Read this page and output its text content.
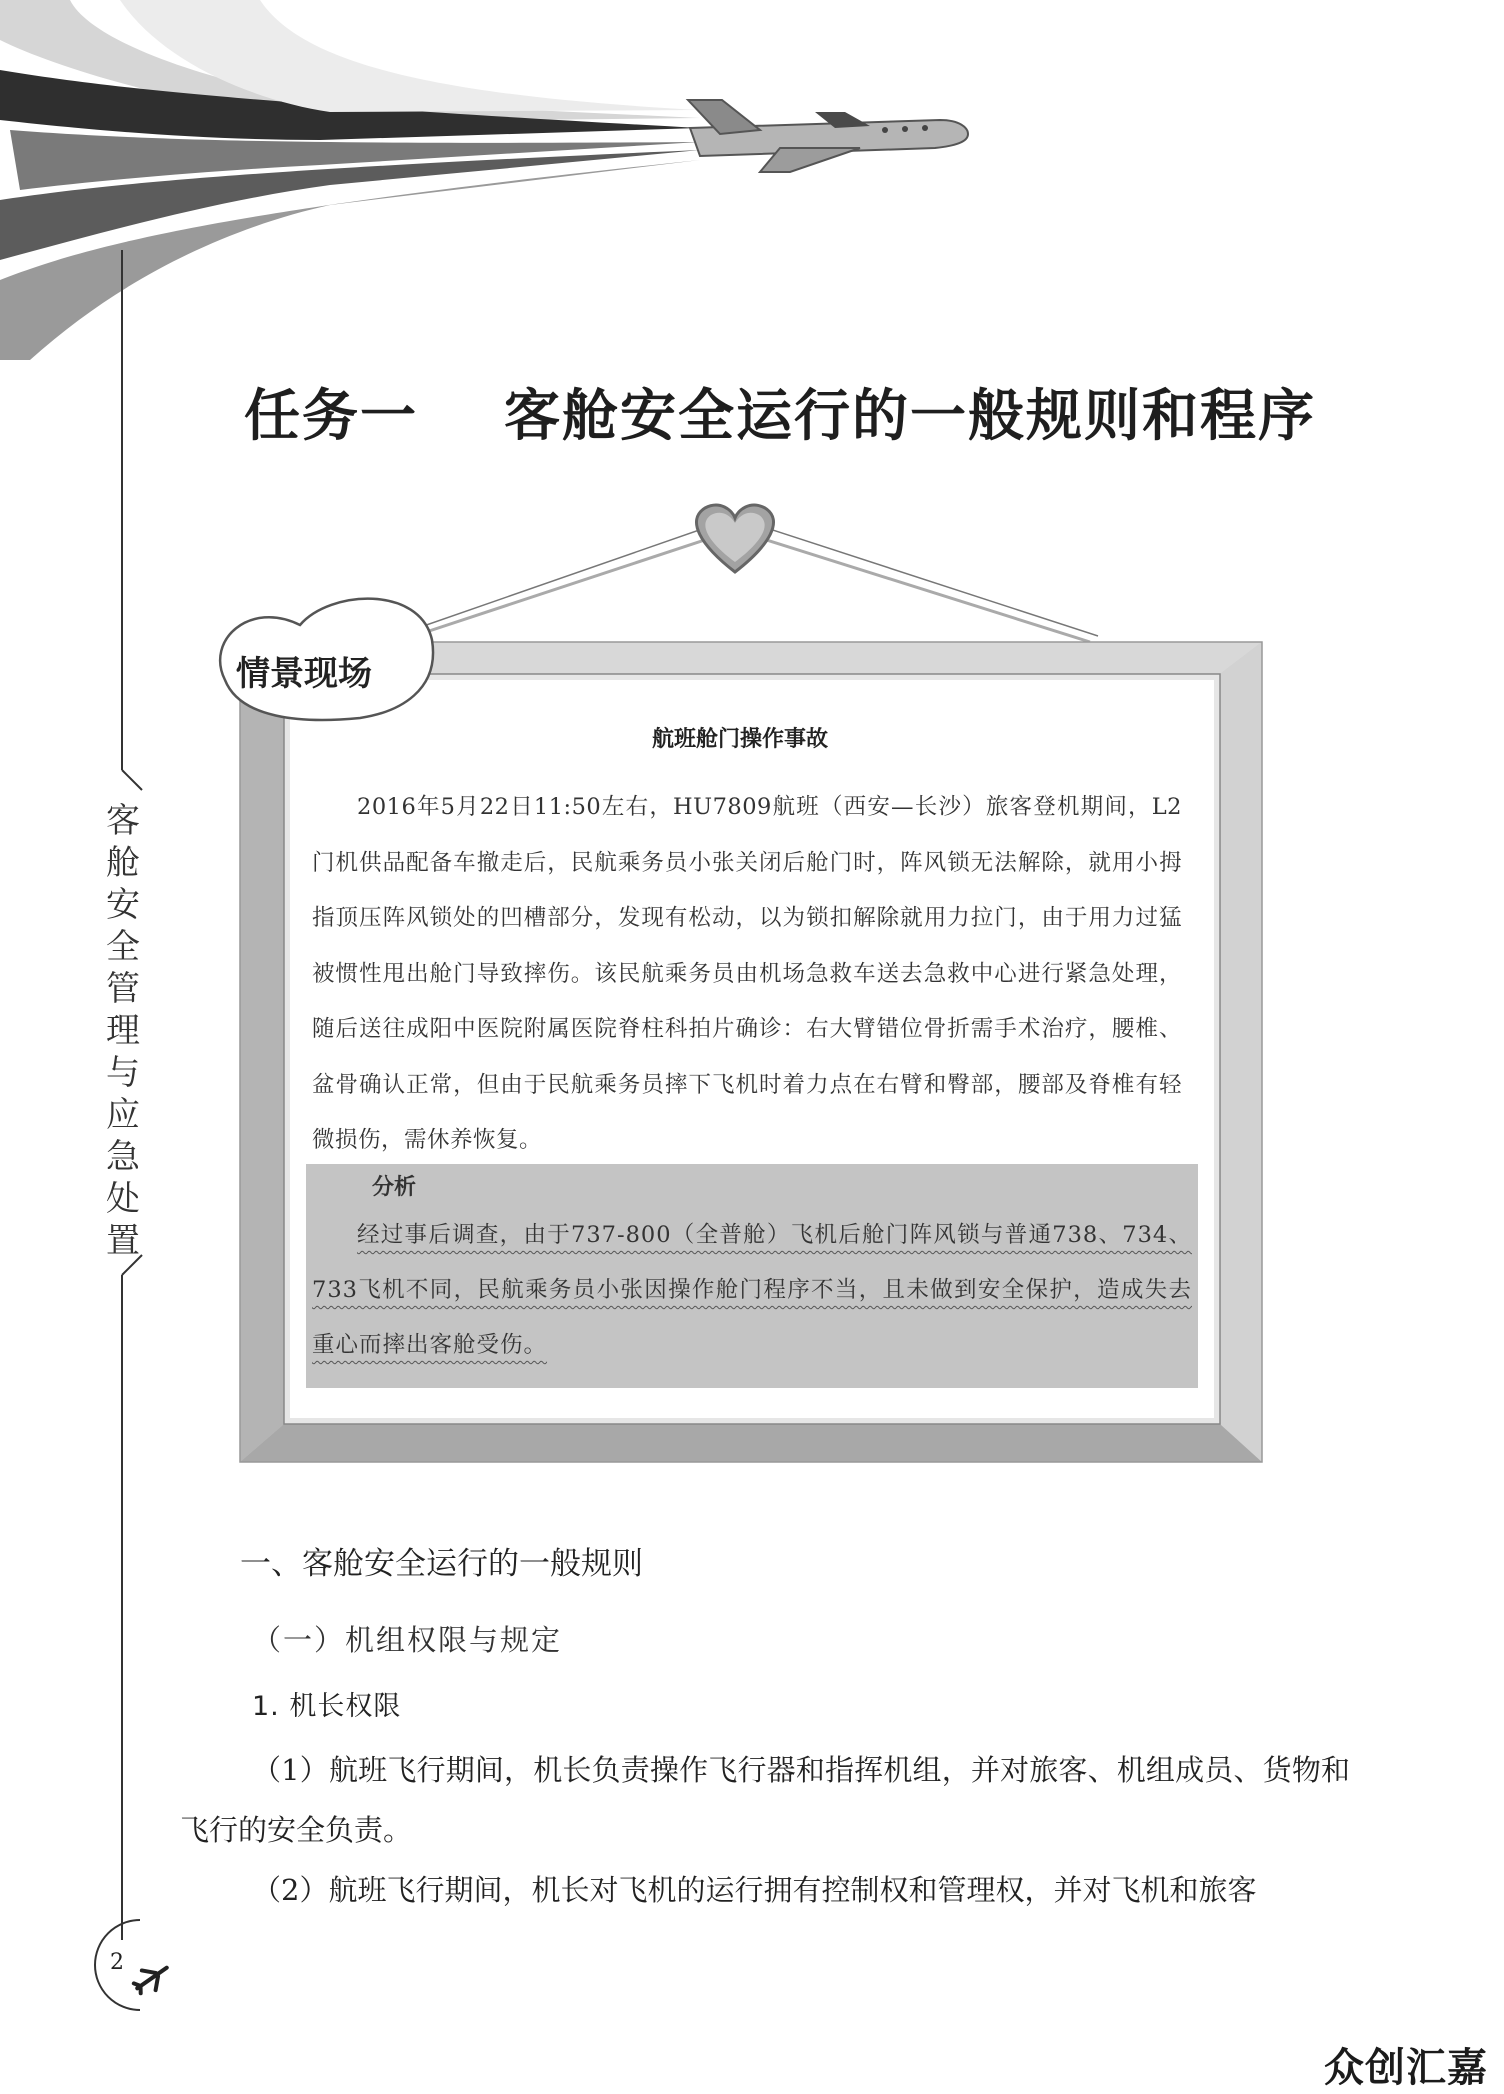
客
舱
安
全
管
理
与
应
急
处
置
任务一    客舱安全运行的一般规则和程序
情景现场
航班舱门操作事故
2016年5月22日11:50左右，HU7809航班（西安—长沙）旅客登机期间，L2门机供品配备车撤走后，民航乘务员小张关闭后舱门时，阵风锁无法解除，就用小拇指顶压阵风锁处的凹槽部分，发现有松动，以为锁扣解除就用力拉门，由于用力过猛被惯性甩出舱门导致摔伤。该民航乘务员由机场急救车送去急救中心进行紧急处理，随后送往成阳中医院附属医院脊柱科拍片确诊：右大臂错位骨折需手术治疗，腰椎、盆骨确认正常，但由于民航乘务员摔下飞机时着力点在右臂和臀部，腰部及脊椎有轻微损伤，需休养恢复。
分析
经过事后调查，由于737-800（全普舱）飞机后舱门阵风锁与普通738、734、733飞机不同，民航乘务员小张因操作舱门程序不当，且未做到安全保护，造成失去重心而摔出客舱受伤。
一、客舱安全运行的一般规则
（一）机组权限与规定
1. 机长权限

（1）航班飞行期间，机长负责操作飞行器和指挥机组，并对旅客、机组成员、货物和飞行的安全负责。

（2）航班飞行期间，机长对飞机的运行拥有控制权和管理权，并对飞机和旅客

2
众创汇嘉
